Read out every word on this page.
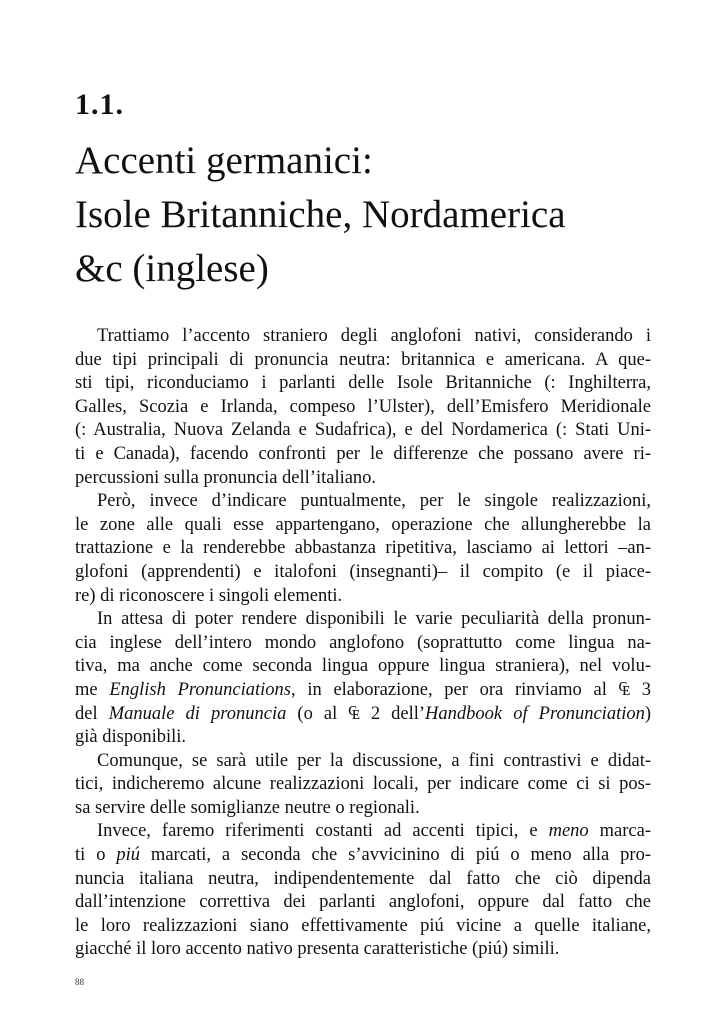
1.1.
Accenti germanici:
Isole Britanniche, Nordamerica
&c (inglese)

Trattiamo l’accento straniero degli anglofoni nativi, considerando i
due tipi principali di pronuncia neutra: britannica e americana. A que-
sti tipi, riconduciamo i parlanti delle Isole Britanniche (: Inghilterra,
Galles, Scozia e Irlanda, compeso l’Ulster), dell’Emisfero Meridionale
(: Australia, Nuova Zelanda e Sudafrica), e del Nordamerica (: Stati Uni-
ti e Canada), facendo confronti per le differenze che possano avere ri-
percussioni sulla pronuncia dell’italiano.

Però, invece d’indicare puntualmente, per le singole realizzazioni,
le zone alle quali esse appartengano, operazione che allungherebbe la
trattazione e la renderebbe abbastanza ripetitiva, lasciamo ai lettori –an-
glofoni (apprendenti) e italofoni (insegnanti)– il compito (e il piace-
re) di riconoscere i singoli elementi.

In attesa di poter rendere disponibili le varie peculiarità della pronun-
cia inglese dell’intero mondo anglofono (soprattutto come lingua na-
tiva, ma anche come seconda lingua oppure lingua straniera), nel volu-
me English Pronunciations, in elaborazione, per ora rinviamo al ₠ 3
del Manuale di pronuncia (o al ₠ 2 dell’Handbook of Pronunciation)
già disponibili.

Comunque, se sarà utile per la discussione, a fini contrastivi e didat-
tici, indicheremo alcune realizzazioni locali, per indicare come ci si pos-
sa servire delle somiglianze neutre o regionali.

Invece, faremo riferimenti costanti ad accenti tipici, e meno marca-
ti o piú marcati, a seconda che s’avvicinino di piú o meno alla pro-
nuncia italiana neutra, indipendentemente dal fatto che ciò dipenda
dall’intenzione correttiva dei parlanti anglofoni, oppure dal fatto che
le loro realizzazioni siano effettivamente piú vicine a quelle italiane,
giacché il loro accento nativo presenta caratteristiche (piú) simili.

88
